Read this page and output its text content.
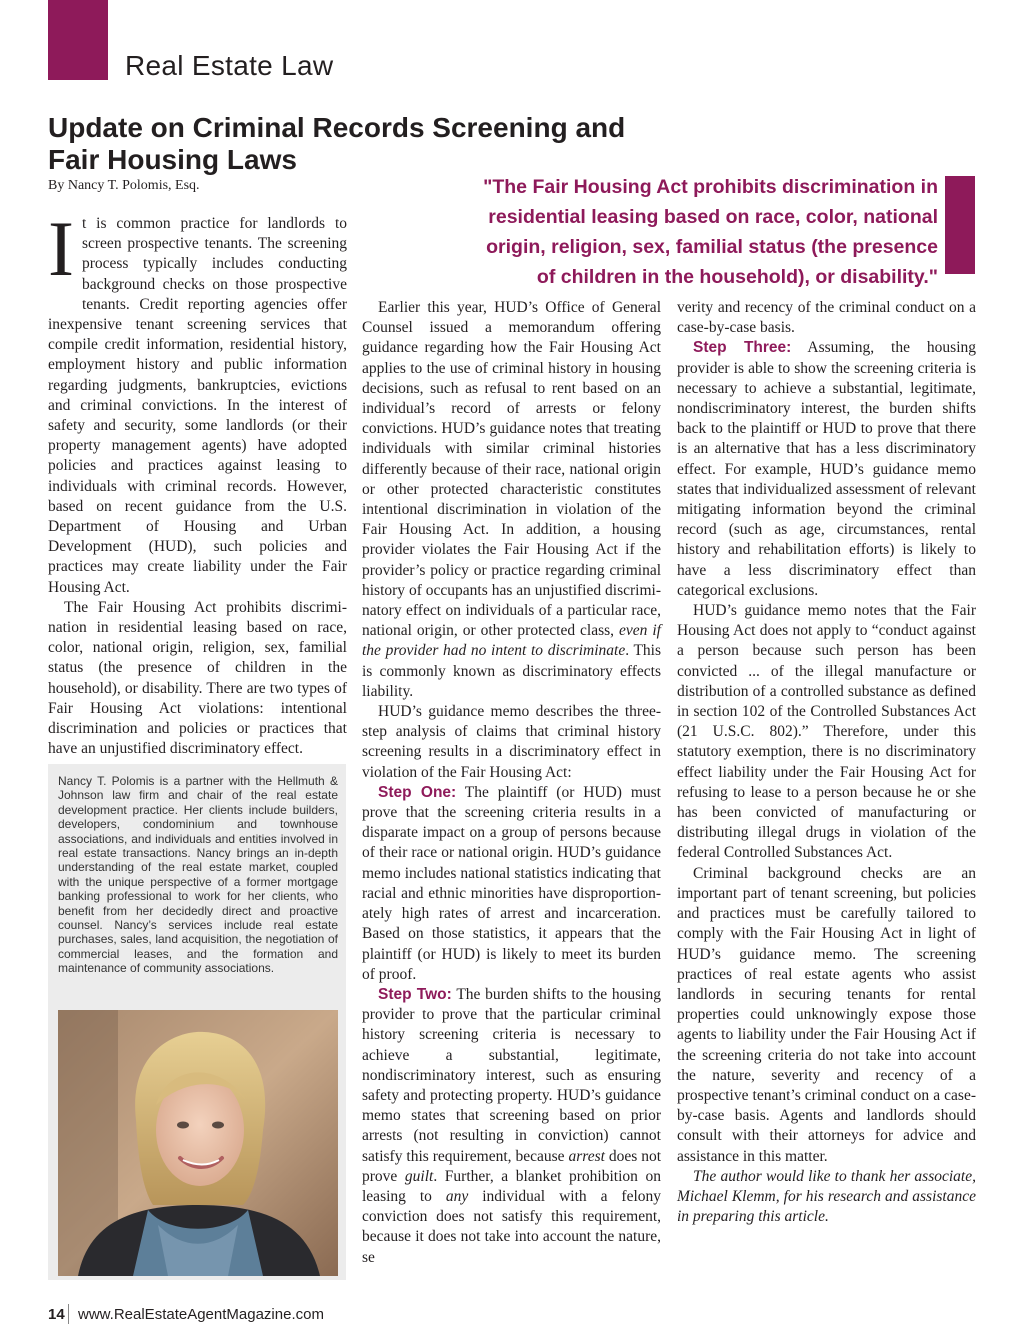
Real Estate Law
Update on Criminal Records Screening and
Fair Housing Laws
By Nancy T. Polomis, Esq.	"The Fair Housing Act prohibits discrimination in
residential leasing based on race, color, national
origin, religion, sex, familial status (the presence
of children in the household), or disability."

It is common practice for landlords to screen prospective tenants. The screening process typically includes conducting background checks on those prospective tenants. Credit reporting agencies offer inexpensive tenant screening services that compile credit information, residential history, employment history and public information regarding judgments, bankruptcies, evictions and criminal convictions. In the interest of safety and security, some landlords (or their property management agents) have adopted policies and practices against leasing to individuals with criminal records. However, based on recent guidance from the U.S. Department of Housing and Urban Development (HUD), such policies and practices may create liability under the Fair Housing Act.

The Fair Housing Act prohibits discrimination in residential leasing based on race, color, national origin, religion, sex, familial status (the presence of children in the household), or disability. There are two types of Fair Housing Act violations: intentional discrimination and policies or practices that have an unjustified discriminatory effect.

Nancy T. Polomis is a partner with the Hellmuth & Johnson law firm and chair of the real estate development practice. Her clients include builders, developers, condominium and townhouse associations, and individuals and entities involved in real estate transactions. Nancy brings an in-depth understanding of the real estate market, coupled with the unique perspective of a former mortgage banking professional to work for her clients, who benefit from her decidedly direct and proactive counsel. Nancy’s services include real estate purchases, sales, land acquisition, the negotiation of commercial leases, and the formation and maintenance of community associations.

Earlier this year, HUD’s Office of General Counsel issued a memorandum offering guidance regarding how the Fair Housing Act applies to the use of criminal history in housing decisions, such as refusal to rent based on an individual’s record of arrests or felony convictions. HUD’s guidance notes that treating individuals with similar criminal histories differently because of their race, national origin or other protected characteristic constitutes intentional discrimination in violation of the Fair Housing Act. In addition, a housing provider violates the Fair Housing Act if the provider’s policy or practice regarding criminal history of occupants has an unjustified discriminatory effect on individuals of a particular race, national origin, or other protected class, even if the provider had no intent to discriminate. This is commonly known as discriminatory effects liability.

HUD’s guidance memo describes the three-step analysis of claims that criminal history screening results in a discriminatory effect in violation of the Fair Housing Act:

Step One: The plaintiff (or HUD) must prove that the screening criteria results in a disparate impact on a group of persons because of their race or national origin. HUD’s guidance memo includes national statistics indicating that racial and ethnic minorities have disproportionately high rates of arrest and incarceration. Based on those statistics, it appears that the plaintiff (or HUD) is likely to meet its burden of proof.

Step Two: The burden shifts to the housing provider to prove that the particular criminal history screening criteria is necessary to achieve a substantial, legitimate, nondiscriminatory interest, such as ensuring safety and protecting property. HUD’s guidance memo states that screening based on prior arrests (not resulting in conviction) cannot satisfy this requirement, because arrest does not prove guilt. Further, a blanket prohibition on leasing to any individual with a felony conviction does not satisfy this requirement, because it does not take into account the nature, se

verity and recency of the criminal conduct on a case-by-case basis.

Step Three: Assuming, the housing provider is able to show the screening criteria is necessary to achieve a substantial, legitimate, nondiscriminatory interest, the burden shifts back to the plaintiff or HUD to prove that there is an alternative that has a less discriminatory effect. For example, HUD’s guidance memo states that individualized assessment of relevant mitigating information beyond the criminal record (such as age, circumstances, rental history and rehabilitation efforts) is likely to have a less discriminatory effect than categorical exclusions.

HUD’s guidance memo notes that the Fair Housing Act does not apply to “conduct against a person because such person has been convicted ... of the illegal manufacture or distribution of a controlled substance as defined in section 102 of the Controlled Substances Act (21 U.S.C. 802).” Therefore, under this statutory exemption, there is no discriminatory effect liability under the Fair Housing Act for refusing to lease to a person because he or she has been convicted of manufacturing or distributing illegal drugs in violation of the federal Controlled Substances Act.

Criminal background checks are an important part of tenant screening, but policies and practices must be carefully tailored to comply with the Fair Housing Act in light of HUD’s guidance memo. The screening practices of real estate agents who assist landlords in securing tenants for rental properties could unknowingly expose those agents to liability under the Fair Housing Act if the screening criteria do not take into account the nature, severity and recency of a prospective tenant’s criminal conduct on a case-by-case basis. Agents and landlords should consult with their attorneys for advice and assistance in this matter.

The author would like to thank her associate, Michael Klemm, for his research and assistance in preparing this article.

14 www.RealEstateAgentMagazine.com
